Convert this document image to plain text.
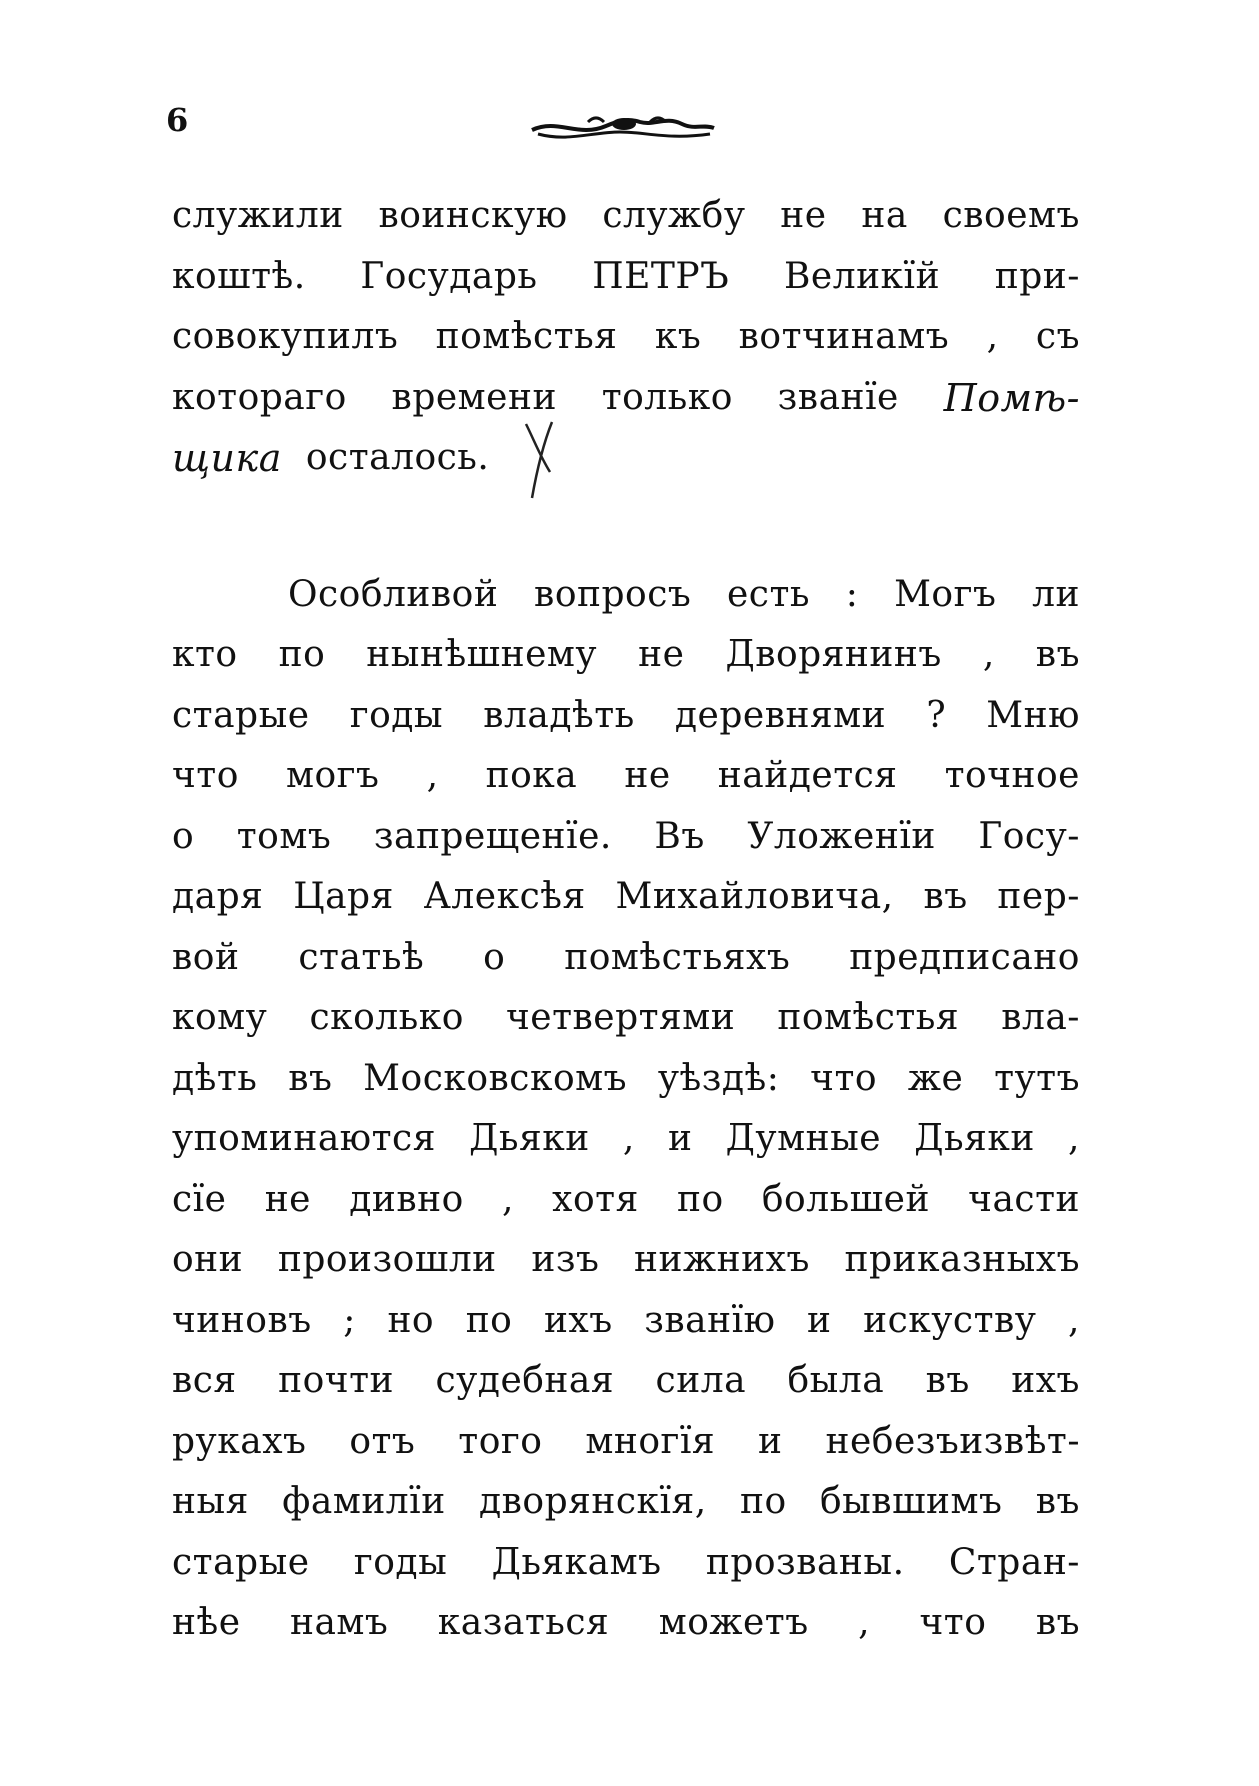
6
служили воинскую службу не на своемъ
коштѣ. Государь ПЕТРЪ Великїй при-
совокупилъ помѣстья къ вотчинамъ , съ
котораго времени только званїе Помѣ-
щика осталось.
Особливой вопросъ есть : Могъ ли
кто по нынѣшнему не Дворянинъ , въ
старые годы владѣть деревнями ? Мню
что могъ , пока не найдется точное
о томъ запрещенїе. Въ Уложенїи Госу-
даря Царя Алексѣя Михайловича, въ пер-
вой статьѣ о помѣстьяхъ предписано
кому сколько четвертями помѣстья вла-
дѣть въ Московскомъ уѣздѣ: что же тутъ
упоминаются Дьяки , и Думные Дьяки ,
сїе не дивно , хотя по большей части
они произошли изъ нижнихъ приказныхъ
чиновъ ; но по ихъ званїю и искуству ,
вся почти судебная сила была въ ихъ
рукахъ отъ того многїя и небезъизвѣт-
ныя фамилїи дворянскїя, по бывшимъ въ
старые годы Дьякамъ прозваны. Стран-
нѣе намъ казаться можетъ , что въ
